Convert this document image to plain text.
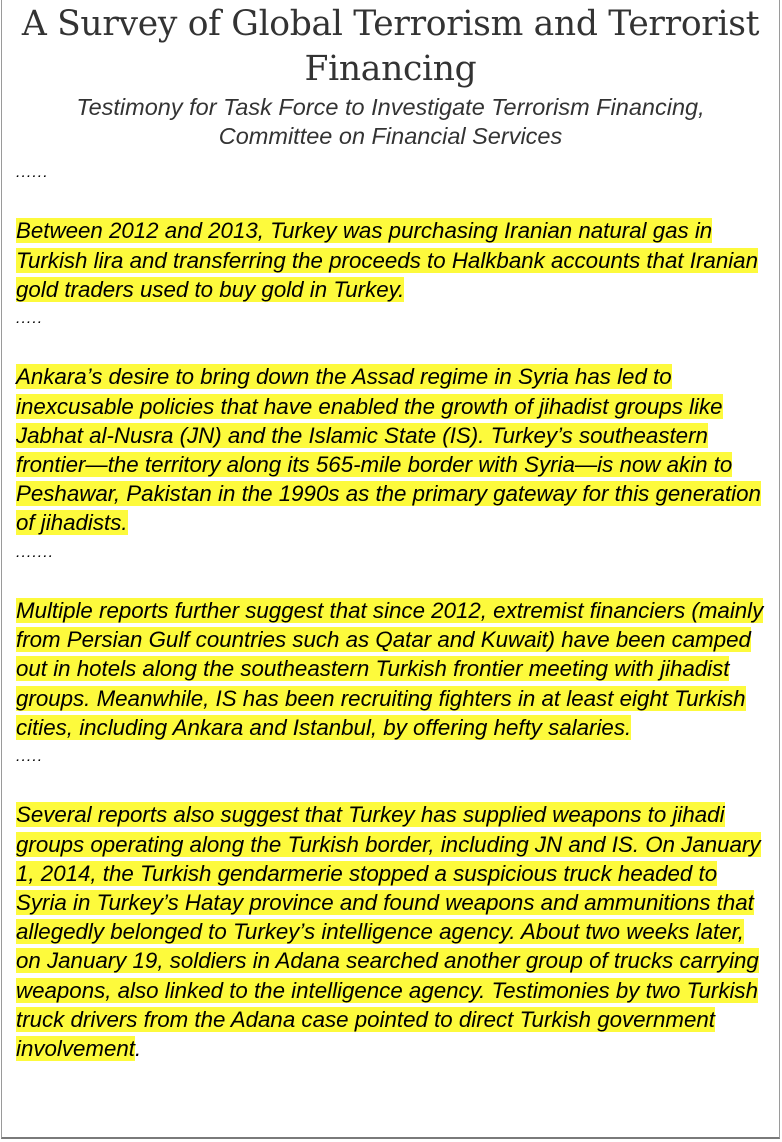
A Survey of Global Terrorism and Terrorist Financing

Testimony for Task Force to Investigate Terrorism Financing,
Committee on Financial Services

......

Between 2012 and 2013, Turkey was purchasing Iranian natural gas in Turkish lira and transferring the proceeds to Halkbank accounts that Iranian gold traders used to buy gold in Turkey.

.....

Ankara’s desire to bring down the Assad regime in Syria has led to inexcusable policies that have enabled the growth of jihadist groups like Jabhat al-Nusra (JN) and the Islamic State (IS). Turkey’s southeastern frontier—the territory along its 565-mile border with Syria—is now akin to Peshawar, Pakistan in the 1990s as the primary gateway for this generation of jihadists.

.......

Multiple reports further suggest that since 2012, extremist financiers (mainly from Persian Gulf countries such as Qatar and Kuwait) have been camped out in hotels along the southeastern Turkish frontier meeting with jihadist groups. Meanwhile, IS has been recruiting fighters in at least eight Turkish cities, including Ankara and Istanbul, by offering hefty salaries.

.....

Several reports also suggest that Turkey has supplied weapons to jihadi groups operating along the Turkish border, including JN and IS. On January 1, 2014, the Turkish gendarmerie stopped a suspicious truck headed to Syria in Turkey’s Hatay province and found weapons and ammunitions that allegedly belonged to Turkey’s intelligence agency. About two weeks later, on January 19, soldiers in Adana searched another group of trucks carrying weapons, also linked to the intelligence agency. Testimonies by two Turkish truck drivers from the Adana case pointed to direct Turkish government involvement.
